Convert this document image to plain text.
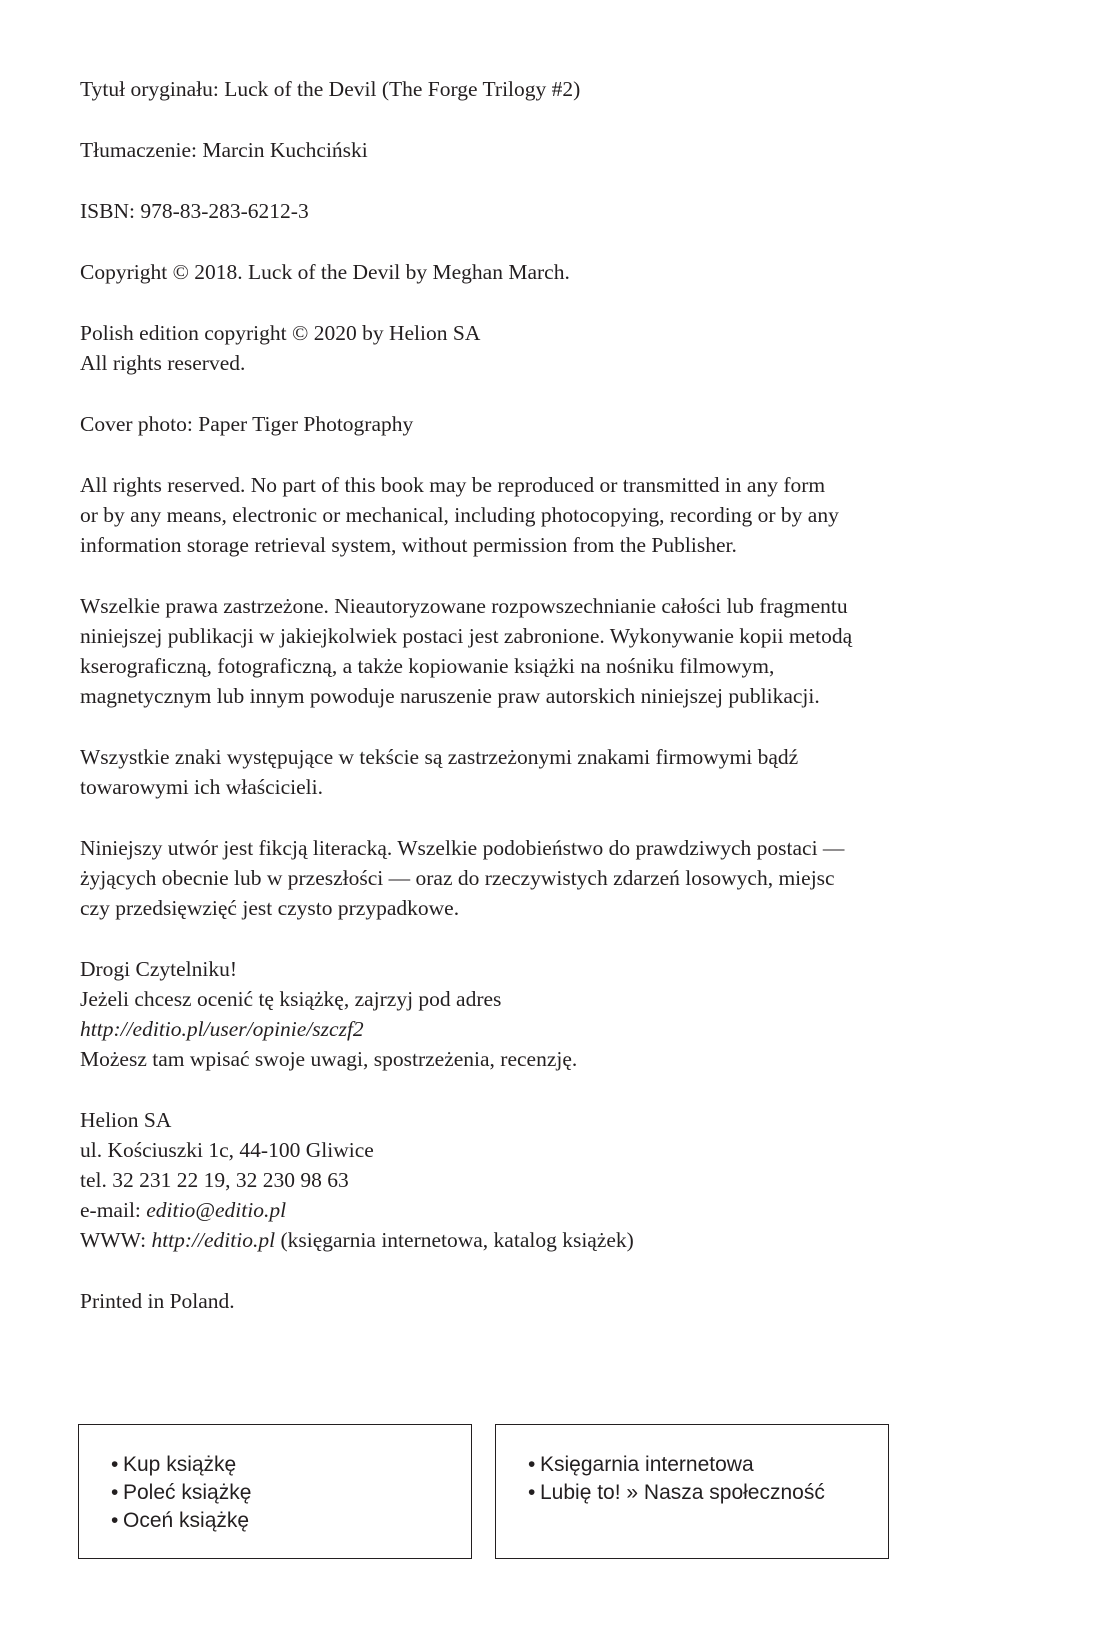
Tytuł oryginału: Luck of the Devil (The Forge Trilogy #2)

Tłumaczenie: Marcin Kuchciński

ISBN: 978-83-283-6212-3

Copyright © 2018. Luck of the Devil by Meghan March.

Polish edition copyright © 2020 by Helion SA
All rights reserved.

Cover photo: Paper Tiger Photography

All rights reserved. No part of this book may be reproduced or transmitted in any form
or by any means, electronic or mechanical, including photocopying, recording or by any
information storage retrieval system, without permission from the Publisher.

Wszelkie prawa zastrzeżone. Nieautoryzowane rozpowszechnianie całości lub fragmentu
niniejszej publikacji w jakiejkolwiek postaci jest zabronione. Wykonywanie kopii metodą
kserograficzną, fotograficzną, a także kopiowanie książki na nośniku filmowym,
magnetycznym lub innym powoduje naruszenie praw autorskich niniejszej publikacji.

Wszystkie znaki występujące w tekście są zastrzeżonymi znakami firmowymi bądź
towarowymi ich właścicieli.

Niniejszy utwór jest fikcją literacką. Wszelkie podobieństwo do prawdziwych postaci —
żyjących obecnie lub w przeszłości — oraz do rzeczywistych zdarzeń losowych, miejsc
czy przedsięwzięć jest czysto przypadkowe.

Drogi Czytelniku!
Jeżeli chcesz ocenić tę książkę, zajrzyj pod adres
http://editio.pl/user/opinie/szczf2
Możesz tam wpisać swoje uwagi, spostrzeżenia, recenzję.

Helion SA
ul. Kościuszki 1c, 44-100 Gliwice
tel. 32 231 22 19, 32 230 98 63
e-mail: editio@editio.pl
WWW: http://editio.pl (księgarnia internetowa, katalog książek)

Printed in Poland.

• Kup książkę
• Poleć książkę
• Oceń książkę
• Księgarnia internetowa
• Lubię to! » Nasza społeczność
